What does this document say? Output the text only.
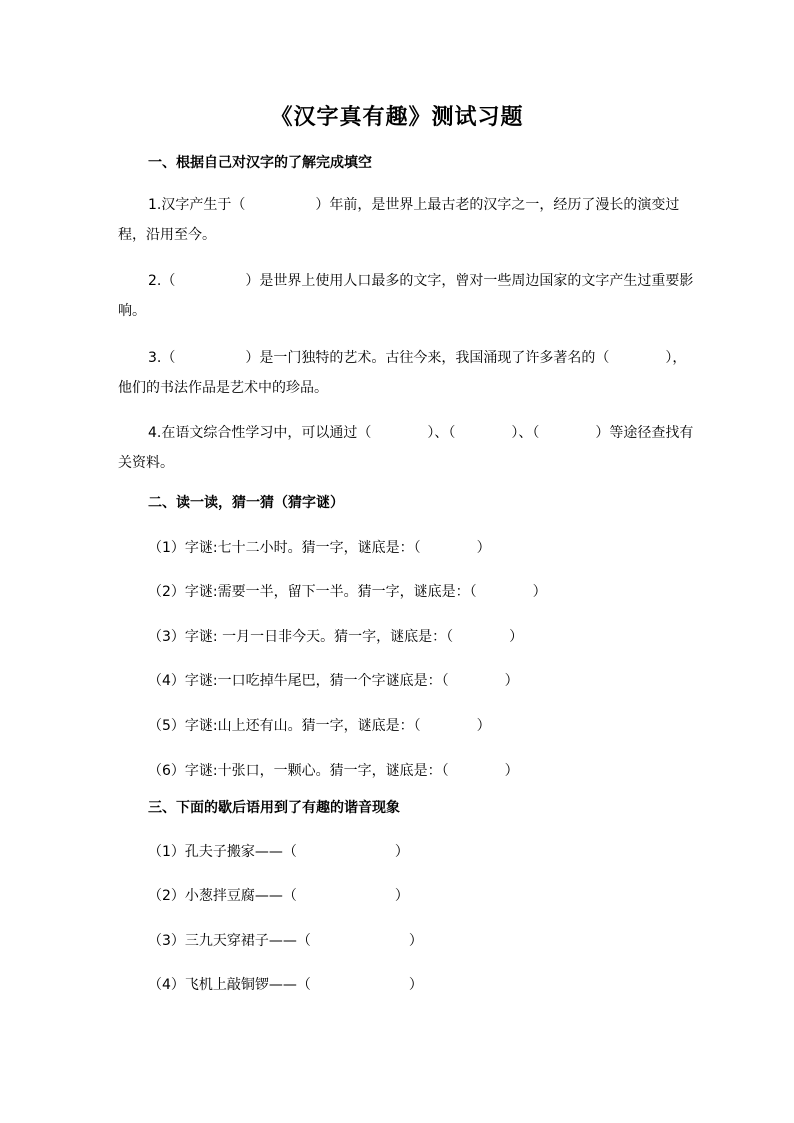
《汉字真有趣》测试习题
一、根据自己对汉字的了解完成填空
1.汉字产生于（　　　　　）年前，是世界上最古老的汉字之一，经历了漫长的演变过程，沿用至今。
2.（　　　　　）是世界上使用人口最多的文字，曾对一些周边国家的文字产生过重要影响。
3.（　　　　　）是一门独特的艺术。古往今来，我国涌现了许多著名的（　　　　），他们的书法作品是艺术中的珍品。
4.在语文综合性学习中，可以通过（　　　　）、（　　　　）、（　　　　）等途径查找有关资料。
二、读一读，猜一猜（猜字谜）
（1）字谜:七十二小时。猜一字，谜底是：（　　　　）
（2）字谜:需要一半，留下一半。猜一字，谜底是：（　　　　）
（3）字谜: 一月一日非今天。猜一字，谜底是：（　　　　）
（4）字谜:一口吃掉牛尾巴，猜一个字谜底是：（　　　　）
（5）字谜:山上还有山。猜一字，谜底是：（　　　　）
（6）字谜:十张口，一颗心。猜一字，谜底是：（　　　　）
三、下面的歇后语用到了有趣的谐音现象
（1）孔夫子搬家——（　　　　　　　）
（2）小葱拌豆腐——（　　　　　　　）
（3）三九天穿裙子——（　　　　　　　）
（4）飞机上敲铜锣——（　　　　　　　）
